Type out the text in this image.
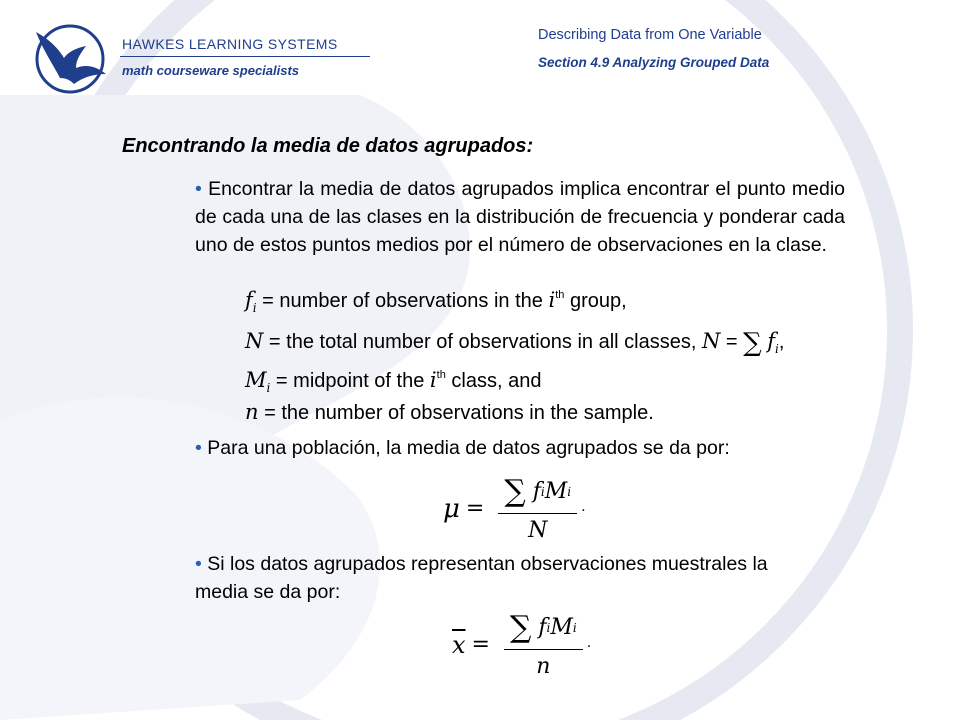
HAWKES LEARNING SYSTEMS
math courseware specialists
Describing Data from One Variable
Section 4.9 Analyzing Grouped Data
Encontrando la media de datos agrupados:
• Encontrar la media de datos agrupados implica encontrar el punto medio de cada una de las clases en la distribución de frecuencia y ponderar cada uno de estos puntos medios por el número de observaciones en la clase.
$f_i$ = number of observations in the $i^{th}$ group,
N = the total number of observations in all classes, N = ∑ $f_i$,
$M_i$ = midpoint of the $i^{th}$ class, and
n = the number of observations in the sample.
• Para una población, la media de datos agrupados se da por:
$\mu = \frac{\text{∑ f i M i}}{N}$ .
• Si los datos agrupados representan observaciones muestrales la media se da por:
$\overline{x} = \frac{\text{∑ f i M i}}{n}$ .
